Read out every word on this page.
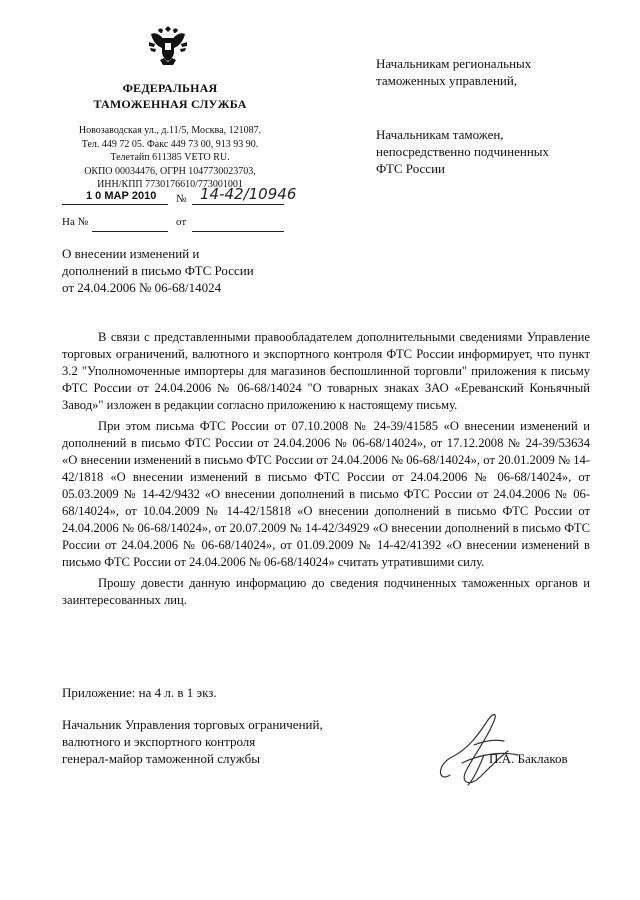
ФЕДЕРАЛЬНАЯ
ТАМОЖЕННАЯ СЛУЖБА
Новозаводская ул., д.11/5, Москва, 121087.
Тел. 449 72 05. Факс 449 73 00, 913 93 90.
Телетайп 611385 VETO RU.
ОКПО 00034476, ОГРН 1047730023703,
ИНН/КПП 7730176610/773001001
1 0 МАР 2010 № 14-42/10946
На №	от
Начальникам региональных
таможенных управлений,
Начальникам таможен,
непосредственно подчиненных
ФТС России
О внесении изменений и
дополнений в письмо ФТС России
от 24.04.2006 № 06-68/14024

В связи с представленными правообладателем дополнительными сведениями Управление торговых ограничений, валютного и экспортного контроля ФТС России информирует, что пункт 3.2 "Уполномоченные импортеры для магазинов беспошлинной торговли" приложения к письму ФТС России от 24.04.2006 № 06-68/14024 "О товарных знаках ЗАО «Ереванский Коньячный Завод»" изложен в редакции согласно приложению к настоящему письму.

При этом письма ФТС России от 07.10.2008 № 24-39/41585 «О внесении изменений и дополнений в письмо ФТС России от 24.04.2006 № 06-68/14024», от 17.12.2008 № 24-39/53634 «О внесении изменений в письмо ФТС России от 24.04.2006 № 06-68/14024», от 20.01.2009 № 14-42/1818 «О внесении изменений в письмо ФТС России от 24.04.2006 № 06-68/14024», от 05.03.2009 № 14-42/9432 «О внесении дополнений в письмо ФТС России от 24.04.2006 № 06-68/14024», от 10.04.2009 № 14-42/15818 «О внесении дополнений в письмо ФТС России от 24.04.2006 № 06-68/14024», от 20.07.2009 № 14-42/34929 «О внесении дополнений в письмо ФТС России от 24.04.2006 № 06-68/14024», от 01.09.2009 № 14-42/41392 «О внесении изменений в письмо ФТС России от 24.04.2006 № 06-68/14024» считать утратившими силу.

Прошу довести данную информацию до сведения подчиненных таможенных органов и заинтересованных лиц.

Приложение: на 4 л. в 1 экз.
Начальник Управления торговых ограничений,
валютного и экспортного контроля
генерал-майор таможенной службы	П.А. Баклаков
